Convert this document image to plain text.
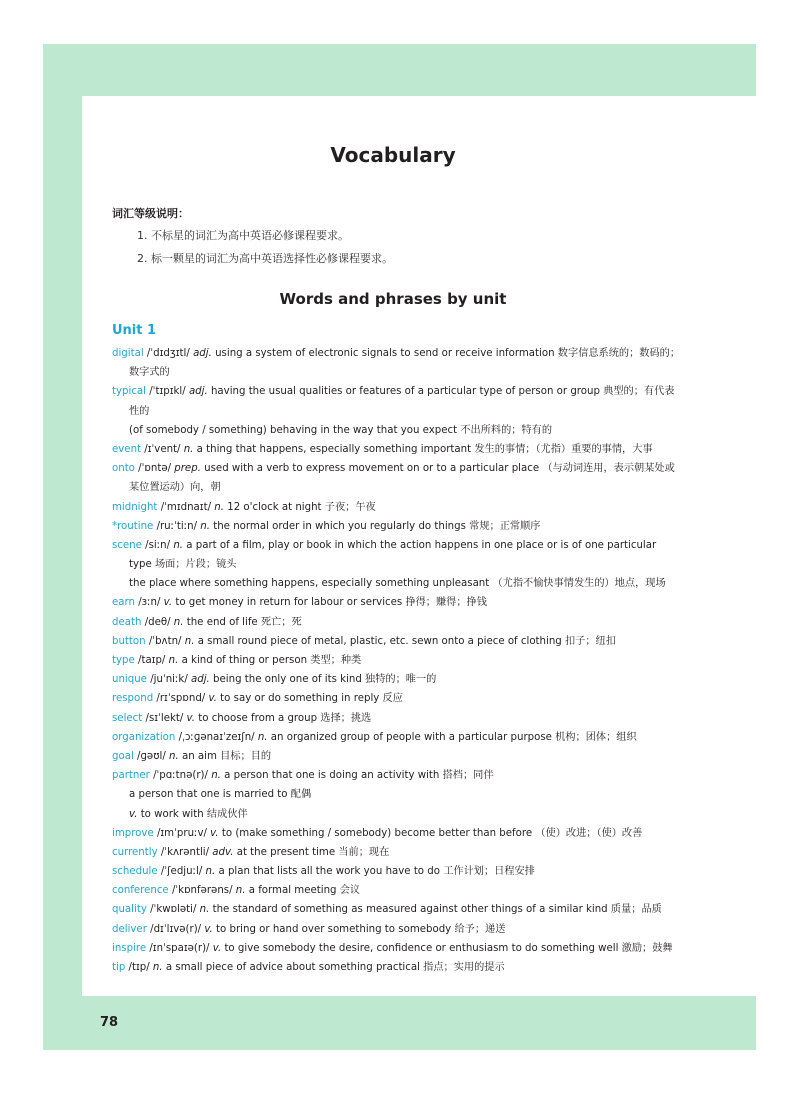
Vocabulary
词汇等级说明：
1. 不标星的词汇为高中英语必修课程要求。
2. 标一颗星的词汇为高中英语选择性必修课程要求。
Words and phrases by unit
Unit 1
digital /ˈdɪdʒɪtl/ adj. using a system of electronic signals to send or receive information 数字信息系统的；数码的；
数字式的
typical /ˈtɪpɪkl/ adj. having the usual qualities or features of a particular type of person or group 典型的；有代表
性的
(of somebody / something) behaving in the way that you expect 不出所料的；特有的
event /ɪˈvent/ n. a thing that happens, especially something important 发生的事情；（尤指）重要的事情，大事
onto /ˈɒntə/ prep. used with a verb to express movement on or to a particular place （与动词连用，表示朝某处或
某位置运动）向，朝
midnight /ˈmɪdnaɪt/ n. 12 o'clock at night 子夜；午夜
*routine /ruːˈtiːn/ n. the normal order in which you regularly do things 常规；正常顺序
scene /siːn/ n. a part of a film, play or book in which the action happens in one place or is of one particular
type 场面；片段；镜头
the place where something happens, especially something unpleasant （尤指不愉快事情发生的）地点，现场
earn /ɜːn/ v. to get money in return for labour or services 挣得；赚得；挣钱
death /deθ/ n. the end of life 死亡；死
button /ˈbʌtn/ n. a small round piece of metal, plastic, etc. sewn onto a piece of clothing 扣子；纽扣
type /taɪp/ n. a kind of thing or person 类型；种类
unique /juˈniːk/ adj. being the only one of its kind 独特的；唯一的
respond /rɪˈspɒnd/ v. to say or do something in reply 反应
select /sɪˈlekt/ v. to choose from a group 选择；挑选
organization /ˌɔːɡənaɪˈzeɪʃn/ n. an organized group of people with a particular purpose 机构；团体；组织
goal /ɡəʊl/ n. an aim 目标；目的
partner /ˈpɑːtnə(r)/ n. a person that one is doing an activity with 搭档；同伴
a person that one is married to 配偶
v. to work with 结成伙伴
improve /ɪmˈpruːv/ v. to (make something / somebody) become better than before （使）改进；（使）改善
currently /ˈkʌrəntli/ adv. at the present time 当前；现在
schedule /ˈʃedjuːl/ n. a plan that lists all the work you have to do 工作计划；日程安排
conference /ˈkɒnfərəns/ n. a formal meeting 会议
quality /ˈkwɒləti/ n. the standard of something as measured against other things of a similar kind 质量；品质
deliver /dɪˈlɪvə(r)/ v. to bring or hand over something to somebody 给予；递送
inspire /ɪnˈspaɪə(r)/ v. to give somebody the desire, confidence or enthusiasm to do something well 激励；鼓舞
tip /tɪp/ n. a small piece of advice about something practical 指点；实用的提示
78
